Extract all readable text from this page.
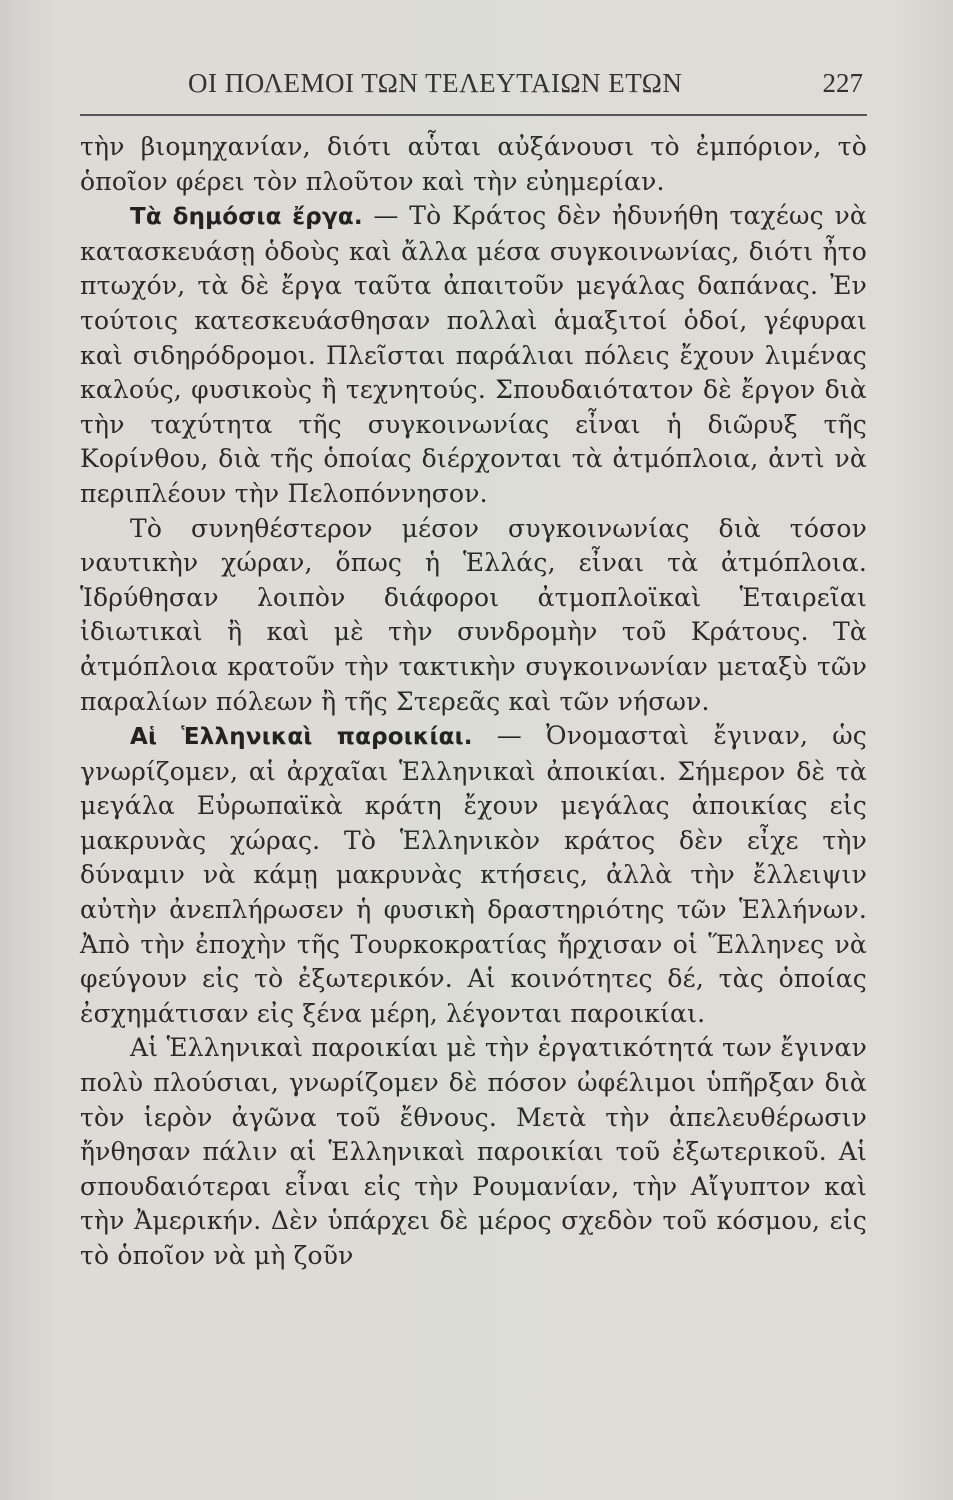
ΟΙ ΠΟΛΕΜΟΙ ΤΩΝ ΤΕΛΕΥΤΑΙΩΝ ΕΤΩΝ	227

τὴν βιομηχανίαν, διότι αὗται αὐξάνουσι τὸ ἐμπόριον, τὸ ὁποῖον φέρει τὸν πλοῦτον καὶ τὴν εὐημερίαν.

Τὰ δημόσια ἔργα. — Τὸ Κράτος δὲν ἠδυνήθη ταχέως νὰ κατασκευάσῃ ὁδοὺς καὶ ἄλλα μέσα συγκοινωνίας, διότι ἦτο πτωχόν, τὰ δὲ ἔργα ταῦτα ἀπαιτοῦν μεγάλας δαπάνας. Ἐν τούτοις κατεσκευάσθησαν πολλαὶ ἁμαξιτοί ὁδοί, γέφυραι καὶ σιδηρόδρομοι. Πλεῖσται παράλιαι πόλεις ἔχουν λιμένας καλούς, φυσικοὺς ἢ τεχνητούς. Σπουδαιότατον δὲ ἔργον διὰ τὴν ταχύτητα τῆς συγκοινωνίας εἶναι ἡ διῶρυξ τῆς Κορίνθου, διὰ τῆς ὁποίας διέρχονται τὰ ἀτμόπλοια, ἀντὶ νὰ περιπλέουν τὴν Πελοπόννησον.

Τὸ συνηθέστερον μέσον συγκοινωνίας διὰ τόσον ναυτικὴν χώραν, ὅπως ἡ Ἑλλάς, εἶναι τὰ ἀτμόπλοια. Ἱδρύθησαν λοιπὸν διάφοροι ἀτμοπλοϊκαὶ Ἑταιρεῖαι ἰδιωτικαὶ ἢ καὶ μὲ τὴν συνδρομὴν τοῦ Κράτους. Τὰ ἀτμόπλοια κρατοῦν τὴν τακτικὴν συγκοινωνίαν μεταξὺ τῶν παραλίων πόλεων ἢ τῆς Στερεᾶς καὶ τῶν νήσων.

Αἱ Ἑλληνικαὶ παροικίαι. — Ὀνομασταὶ ἔγιναν, ὡς γνωρίζομεν, αἱ ἀρχαῖαι Ἑλληνικαὶ ἀποικίαι. Σήμερον δὲ τὰ μεγάλα Εὐρωπαϊκὰ κράτη ἔχουν μεγάλας ἀποικίας εἰς μακρυνὰς χώρας. Τὸ Ἑλληνικὸν κράτος δὲν εἶχε τὴν δύναμιν νὰ κάμῃ μακρυνὰς κτήσεις, ἀλλὰ τὴν ἔλλειψιν αὐτὴν ἀνεπλήρωσεν ἡ φυσικὴ δραστηριότης τῶν Ἑλλήνων. Ἀπὸ τὴν ἐποχὴν τῆς Τουρκοκρατίας ἤρχισαν οἱ Ἕλληνες νὰ φεύγουν εἰς τὸ ἐξωτερικόν. Αἱ κοινότητες δέ, τὰς ὁποίας ἐσχημάτισαν εἰς ξένα μέρη, λέγονται παροικίαι.

Αἱ Ἑλληνικαὶ παροικίαι μὲ τὴν ἐργατικότητά των ἔγιναν πολὺ πλούσιαι, γνωρίζομεν δὲ πόσον ὠφέλιμοι ὑπῆρξαν διὰ τὸν ἱερὸν ἀγῶνα τοῦ ἔθνους. Μετὰ τὴν ἀπελευθέρωσιν ἤνθησαν πάλιν αἱ Ἑλληνικαὶ παροικίαι τοῦ ἐξωτερικοῦ. Αἱ σπουδαιότεραι εἶναι εἰς τὴν Ρουμανίαν, τὴν Αἴγυπτον καὶ τὴν Ἀμερικήν. Δὲν ὑπάρχει δὲ μέρος σχεδὸν τοῦ κόσμου, εἰς τὸ ὁποῖον νὰ μὴ ζοῦν
